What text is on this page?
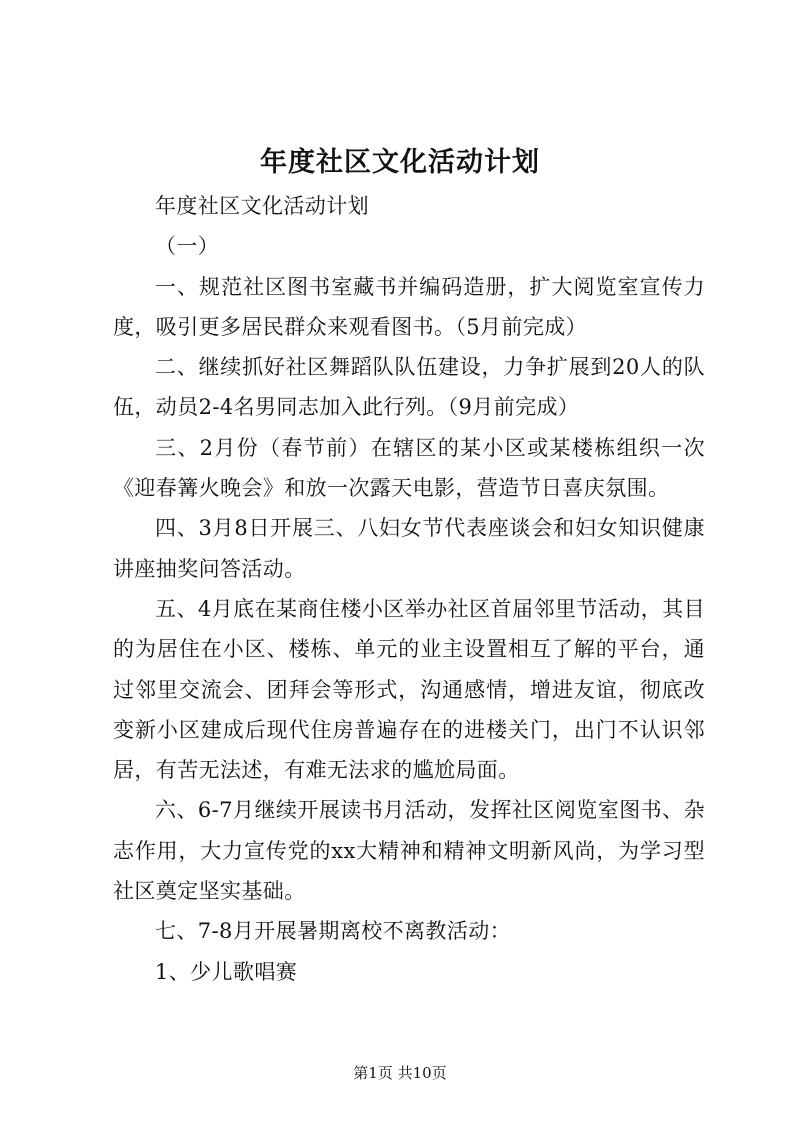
年度社区文化活动计划

年度社区文化活动计划

（一）

一、规范社区图书室藏书并编码造册，扩大阅览室宣传力度，吸引更多居民群众来观看图书。（5月前完成）

二、继续抓好社区舞蹈队队伍建设，力争扩展到20人的队伍，动员2-4名男同志加入此行列。（9月前完成）

三、2月份（春节前）在辖区的某小区或某楼栋组织一次《迎春篝火晚会》和放一次露天电影，营造节日喜庆氛围。

四、3月8日开展三、八妇女节代表座谈会和妇女知识健康讲座抽奖问答活动。

五、4月底在某商住楼小区举办社区首届邻里节活动，其目的为居住在小区、楼栋、单元的业主设置相互了解的平台，通过邻里交流会、团拜会等形式，沟通感情，增进友谊，彻底改变新小区建成后现代住房普遍存在的进楼关门，出门不认识邻居，有苦无法述，有难无法求的尴尬局面。

六、6-7月继续开展读书月活动，发挥社区阅览室图书、杂志作用，大力宣传党的xx大精神和精神文明新风尚，为学习型社区奠定坚实基础。

七、7-8月开展暑期离校不离教活动：

1、少儿歌唱赛

第1页 共10页
